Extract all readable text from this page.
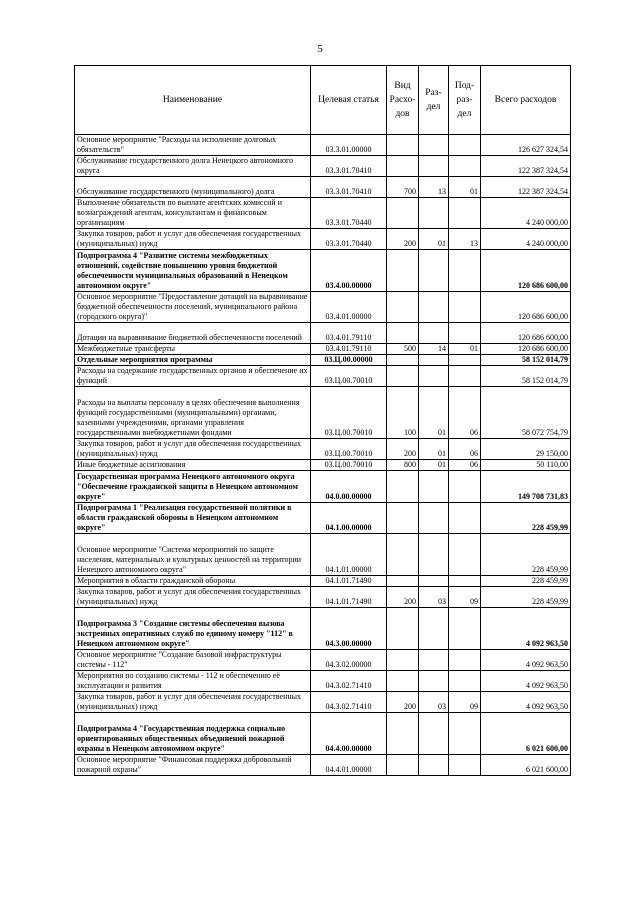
5
Наименование	Целевая статья	Вид Расхо- дов	Раз- дел	Под- раз- дел	Всего расходов
Основное мероприятие "Расходы на исполнение долговых обязательств"	03.3.01.00000				126 627 324,54
Обслуживание государственного долга Ненецкого автономного округа	03.3.01.70410				122 387 324,54
Обслуживание государственного (муниципального) долга	03.3.01.70410	700	13	01	122 387 324,54
Выполнение обязательств по выплате агентских комиссий и вознаграждений агентам, консультантам и финансовым организациям	03.3.01.70440				4 240 000,00
Закупка товаров, работ и услуг для обеспечения государственных (муниципальных) нужд	03.3.01.70440	200	01	13	4 240 000,00
Подпрограмма 4 "Развитие системы межбюджетных отношений, содействие повышению уровня бюджетной обеспеченности муниципальных образований в Ненецком автономном округе"	03.4.00.00000				120 686 600,00
Основное мероприятие "Предоставление дотаций на выравнивание бюджетной обеспеченности поселений, муниципального района (городского округа)"	03.4.01.00000				120 686 600,00
Дотации на выравнивание бюджетной обеспеченности поселений	03.4.01.79110				120 686 600,00
Межбюджетные трансферты	03.4.01.79110	500	14	01	120 686 600,00
Отдельные мероприятия программы	03.Ц.00.00000				58 152 014,79
Расходы на содержание государственных органов и обеспечение их функций	03.Ц.00.70010				58 152 014,79
Расходы на выплаты персоналу в целях обеспечения выполнения функций государственными (муниципальными) органами, казенными учреждениями, органами управления государственными внебюджетными фондами	03.Ц.00.70010	100	01	06	58 072 754,79
Закупка товаров, работ и услуг для обеспечения государственных (муниципальных) нужд	03.Ц.00.70010	200	01	06	29 150,00
Иные бюджетные ассигнования	03.Ц.00.70010	800	01	06	50 110,00
Государственная программа Ненецкого автономного округа "Обеспечение гражданской защиты в Ненецком автономном округе"	04.0.00.00000				149 708 731,83
Подпрограмма 1 "Реализация государственной политики в области гражданской обороны в Ненецком автономном округе"	04.1.00.00000				228 459,99
Основное мероприятие "Система мероприятий по защите населения, материальных и культурных ценностей на территории Ненецкого автономного округа"	04.1.01.00000				228 459,99
Мероприятия в области гражданской обороны	04.1.01.71490				228 459,99
Закупка товаров, работ и услуг для обеспечения государственных (муниципальных) нужд	04.1.01.71490	200	03	09	228 459,99
Подпрограмма 3 "Создание системы обеспечения вызова экстренных оперативных служб по единому номеру "112" в Ненецком автономном округе"	04.3.00.00000				4 092 963,50
Основное мероприятие "Создание базовой инфраструктуры системы - 112"	04.3.02.00000				4 092 963,50
Мероприятия по созданию системы - 112 и обеспечению её эксплуатации и развития	04.3.02.71410				4 092 963,50
Закупка товаров, работ и услуг для обеспечения государственных (муниципальных) нужд	04.3.02.71410	200	03	09	4 092 963,50
Подпрограмма 4 "Государственная поддержка социально ориентированных общественных объединений пожарной охраны в Ненецком автономном округе"	04.4.00.00000				6 021 600,00
Основное мероприятие "Финансовая поддержка добровольной пожарной охраны"	04.4.01.00000				6 021 600,00
